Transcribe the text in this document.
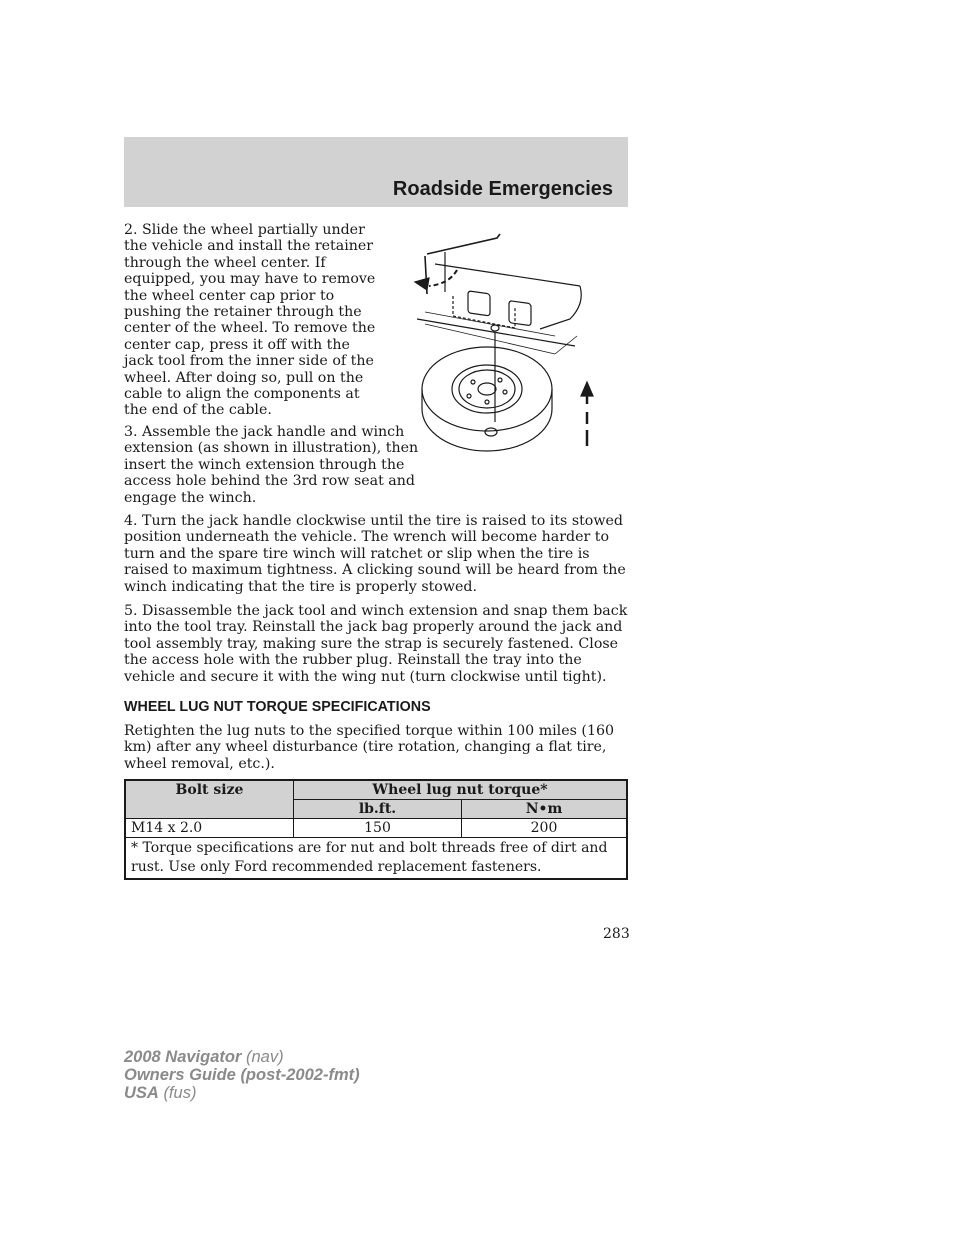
Roadside Emergencies

2. Slide the wheel partially under the vehicle and install the retainer through the wheel center. If equipped, you may have to remove the wheel center cap prior to pushing the retainer through the center of the wheel. To remove the center cap, press it off with the jack tool from the inner side of the wheel. After doing so, pull on the cable to align the components at the end of the cable.

3. Assemble the jack handle and winch extension (as shown in illustration), then insert the winch extension through the access hole behind the 3rd row seat and engage the winch.

4. Turn the jack handle clockwise until the tire is raised to its stowed position underneath the vehicle. The wrench will become harder to turn and the spare tire winch will ratchet or slip when the tire is raised to maximum tightness. A clicking sound will be heard from the winch indicating that the tire is properly stowed.

5. Disassemble the jack tool and winch extension and snap them back into the tool tray. Reinstall the jack bag properly around the jack and tool assembly tray, making sure the strap is securely fastened. Close the access hole with the rubber plug. Reinstall the tray into the vehicle and secure it with the wing nut (turn clockwise until tight).

WHEEL LUG NUT TORQUE SPECIFICATIONS

Retighten the lug nuts to the specified torque within 100 miles (160 km) after any wheel disturbance (tire rotation, changing a flat tire, wheel removal, etc.).

Bolt size	Wheel lug nut torque*	
	lb.ft.	N•m
M14 x 2.0	150	200
* Torque specifications are for nut and bolt threads free of dirt and rust. Use only Ford recommended replacement fasteners.		
283
2008 Navigator (nav)
Owners Guide (post-2002-fmt)
USA (fus)
